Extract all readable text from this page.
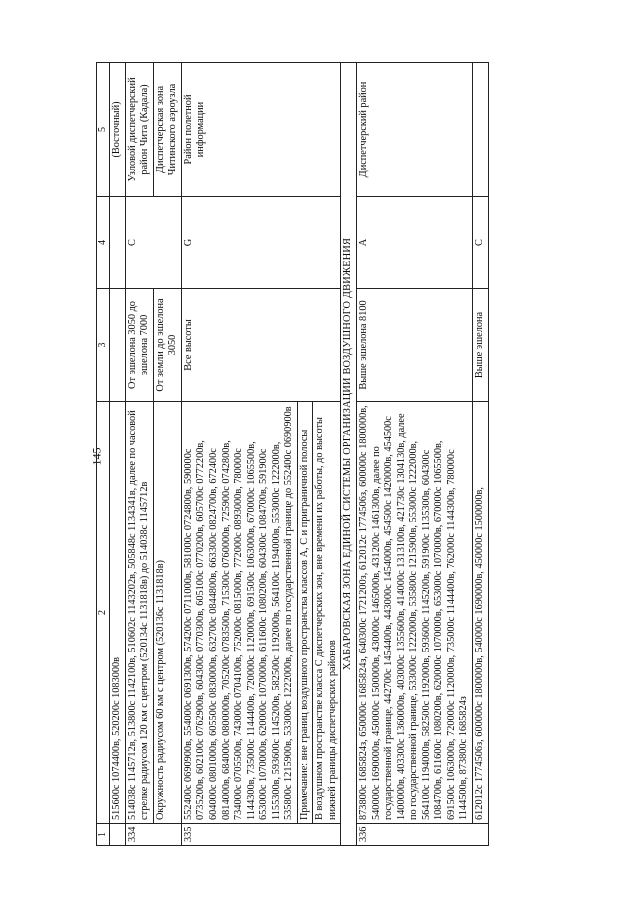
145
1	2	3	4	5
	515600с 1074400в, 520200с 1083000в			(Восточный)
334	514038с 1145712в, 513800с 1142100в, 510602с 1143202в, 505848с 1134341в, далее по часовой стрелке радиусом 120 км с центром (520134с 1131818в) до 514038с 1145712в	От эшелона 3050 до эшелона 7000	С	Узловой диспетчерский район Чита (Кадала)
	Окружность радиусом 60 км с центром (520136с 1131818в)	От земли до эшелона 3050		Диспетчерская зона Читинского аэроузла
335	552400с 0690900в, 554000с 0691300в, 574200с 0711000в, 581000с 0724800в, 590000с 0735200в, 602100с 0762900в, 604300с 0770300в, 605100с 0770200в, 605700с 0772200в, 604000с 0801000в, 605500с 0830000в, 632700с 0844800в, 663300с 0824700в, 672400с 0814000в, 684000с 0800000в, 705200с 0783500в, 715300с 0760000в, 725900с 0742800в, 734000с 0705500в, 743000с 0704100в, 752000с 0815000в, 772000с 0893000в, 780000с 1144300в, 735000с 1144400в, 720000с 1120000в, 691500с 1063000в, 670000с 1065500в, 653000с 1070000в, 620000с 1070000в, 611600с 1080200в, 604300с 1084700в, 591900с 1155300в, 593600с 1145200в, 582500с 1192000в, 564100с 1194000в, 553000с 1222000в, 535800с 1215900в, 533000с 1222000в, далее по государственной границе до 552400с 0690900в	Все высоты	G	Район полетной информации
	Примечание: вне границ воздушного пространства классов А, С и приграничной полосы			
	В воздушном пространстве класса С диспетчерских зон, вне времени их работы, до высоты нижней границы диспетчерских районов			
ХАБАРОВСКАЯ ЗОНА ЕДИНОЙ СИСТЕМЫ ОРГАНИЗАЦИИ ВОЗДУШНОГО ДВИЖЕНИЯ				
336	873800с 1685824з, 650000с 1685824з, 640300с 1721200з, 612012с 1774506з, 600000с 1800000в, 540000с 1690000в, 450000с 1500000в, 430000с 1465000в, 431200с 1461300в, далее по государственной границе, 442700с 1454400в, 443000с 1454000в, 454500с 1420000в, 454500с 1400000в, 403300с 1360000в, 403000с 1355600в, 414000с 1313100в, 421730с 1304130в, далее по государственной границе, 533000с 1222000в, 535800с 1215900в, 553000с 1222000в, 564100с 1194000в, 582500с 1192000в, 593600с 1145200в, 591900с 1135300в, 604300с 1084700в, 611600с 1080200в, 620000с 1070000в, 653000с 1070000в, 670000с 1065500в, 691500с 1063000в, 720000с 1120000в, 735000с 1144400в, 762000с 1144300в, 780000с 1144500в, 873800с 1685824з	Выше эшелона 8100	А	Диспетчерский район
	612012с 1774506з, 600000с 1800000в, 540000с 1690000в, 450000с 1500000в,	Выше эшелона	С	
